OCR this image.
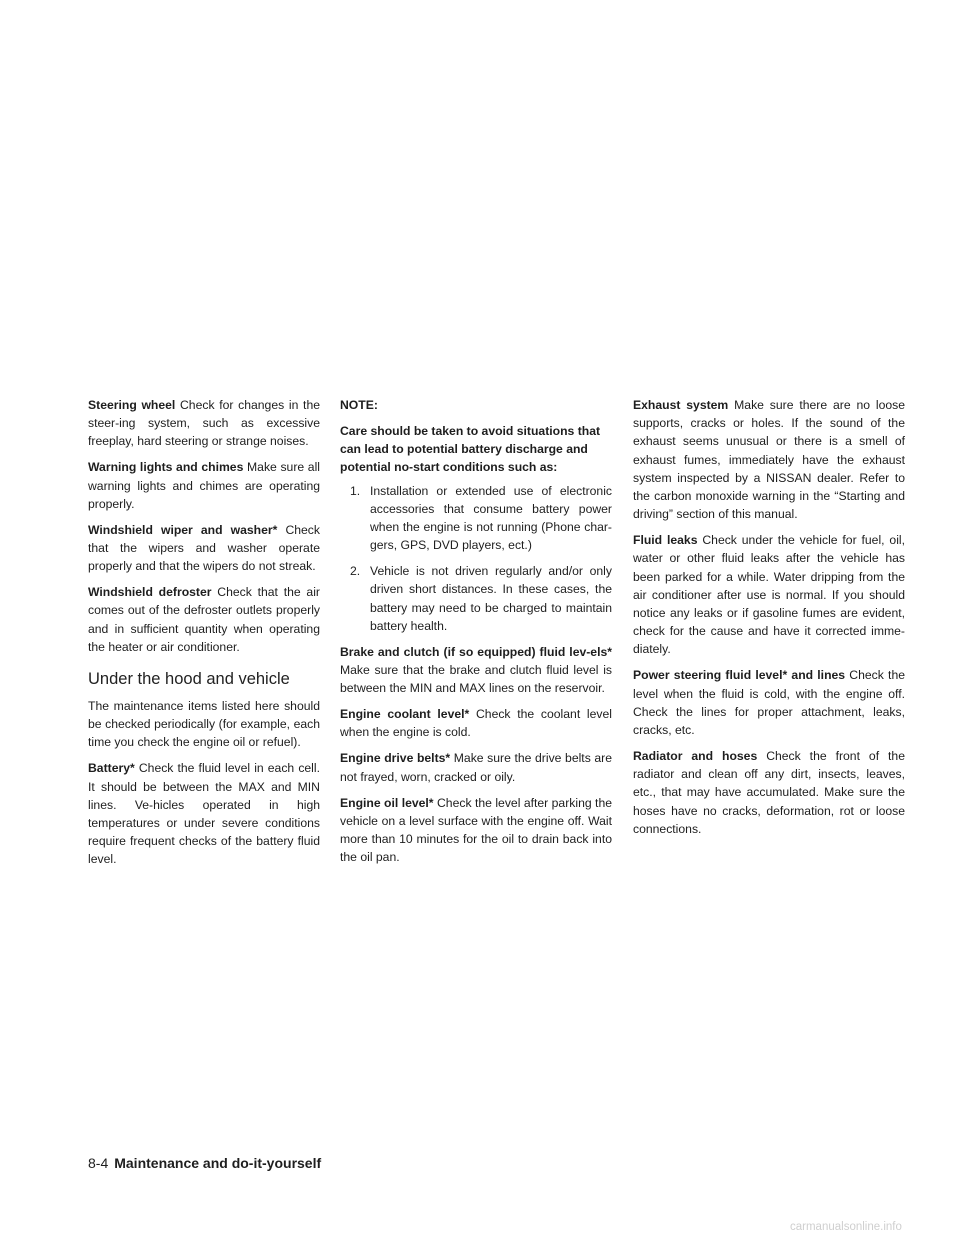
Steering wheel Check for changes in the steer-ing system, such as excessive freeplay, hard steering or strange noises.

Warning lights and chimes Make sure all warning lights and chimes are operating properly.

Windshield wiper and washer* Check that the wipers and washer operate properly and that the wipers do not streak.

Windshield defroster Check that the air comes out of the defroster outlets properly and in sufficient quantity when operating the heater or air conditioner.

Under the hood and vehicle

The maintenance items listed here should be checked periodically (for example, each time you check the engine oil or refuel).

Battery* Check the fluid level in each cell. It should be between the MAX and MIN lines. Ve-hicles operated in high temperatures or under severe conditions require frequent checks of the battery fluid level.

NOTE:
Care should be taken to avoid situations that can lead to potential battery discharge and potential no-start conditions such as:
1. Installation or extended use of electronic accessories that consume battery power when the engine is not running (Phone char-gers, GPS, DVD players, ect.)
2. Vehicle is not driven regularly and/or only driven short distances. In these cases, the battery may need to be charged to maintain battery health.

Brake and clutch (if so equipped) fluid lev-els* Make sure that the brake and clutch fluid level is between the MIN and MAX lines on the reservoir.

Engine coolant level* Check the coolant level when the engine is cold.

Engine drive belts* Make sure the drive belts are not frayed, worn, cracked or oily.

Engine oil level* Check the level after parking the vehicle on a level surface with the engine off. Wait more than 10 minutes for the oil to drain back into the oil pan.

Exhaust system Make sure there are no loose supports, cracks or holes. If the sound of the exhaust seems unusual or there is a smell of exhaust fumes, immediately have the exhaust system inspected by a NISSAN dealer. Refer to the carbon monoxide warning in the “Starting and driving” section of this manual.

Fluid leaks Check under the vehicle for fuel, oil, water or other fluid leaks after the vehicle has been parked for a while. Water dripping from the air conditioner after use is normal. If you should notice any leaks or if gasoline fumes are evident, check for the cause and have it corrected imme-diately.

Power steering fluid level* and lines Check the level when the fluid is cold, with the engine off. Check the lines for proper attachment, leaks, cracks, etc.

Radiator and hoses Check the front of the radiator and clean off any dirt, insects, leaves, etc., that may have accumulated. Make sure the hoses have no cracks, deformation, rot or loose connections.

8-4 Maintenance and do-it-yourself
carmanualsonline.info
